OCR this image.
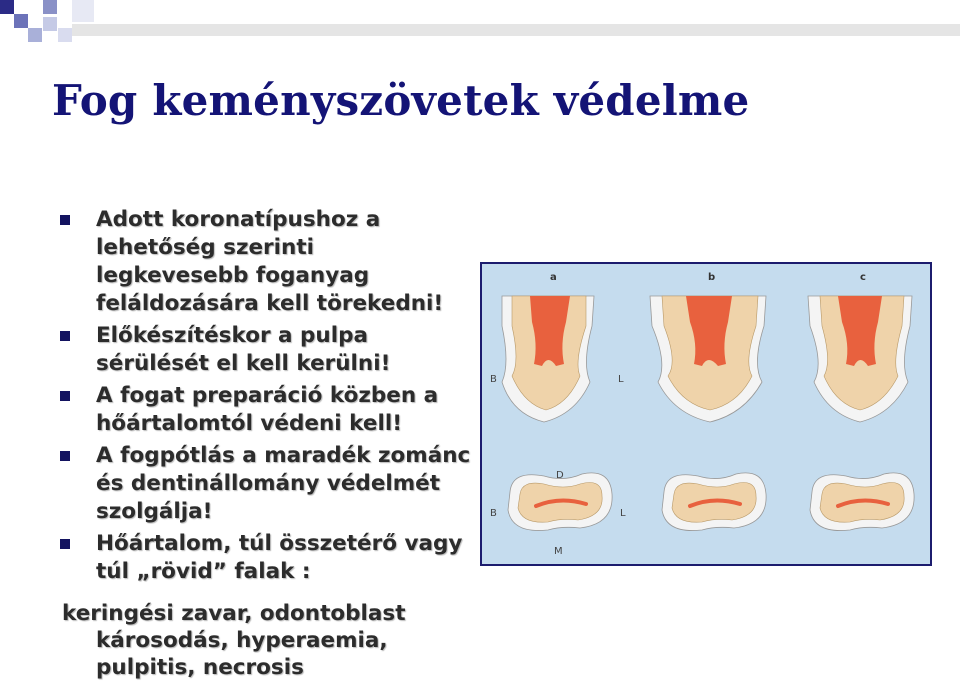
Fog keményszövetek védelme
Adott koronatípushoz a lehetőség szerinti legkevesebb foganyag feláldozására kell törekedni!
Előkészítéskor a pulpa sérülését el kell kerülni!
A fogat preparáció közben a hőártalomtól védeni kell!
A fogpótlás a maradék zománc és dentinállomány védelmét szolgálja!
Hőártalom, túl összetérő vagy túl „rövid” falak :
keringési zavar, odontoblast
károsodás, hyperaemia,
pulpitis, necrosis
a	b	c
B	L
D
B	L
M
